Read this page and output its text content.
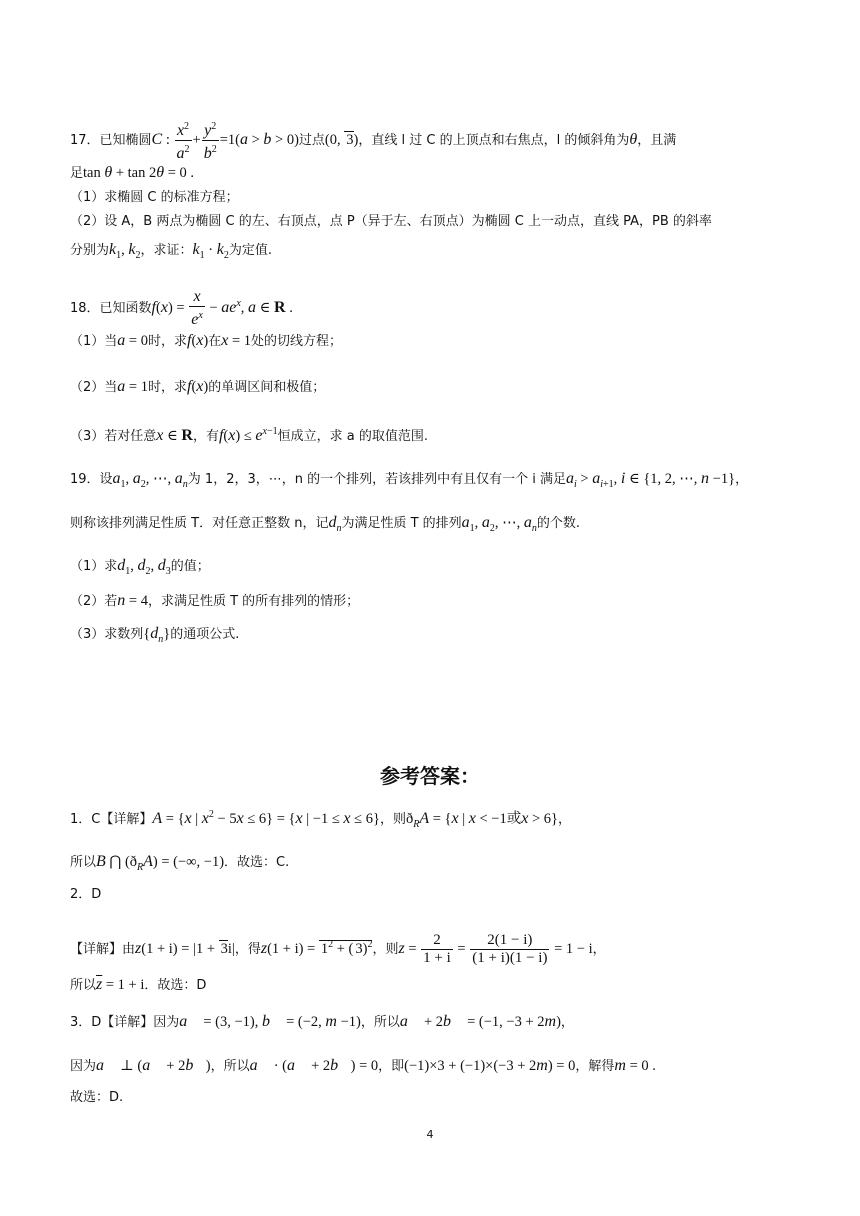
17．已知椭圆C : $\frac{x^2}{a^2} + \frac{y^2}{b^2} =1(a > b > 0)$过点(0, 3)，直线 l 过 C 的上顶点和右焦点，l 的倾斜角为θ，且满
足tan θ + tan 2θ = 0 .
（1）求椭圆 C 的标准方程；
（2）设 A，B 两点为椭圆 C 的左、右顶点，点 P（异于左、右顶点）为椭圆 C 上一动点，直线 PA，PB 的斜率
分别为$k_1$, $k_2$，求证：$k_1 \cdot k_2$为定值.
18．已知函数$f(x) = \frac{x}{e^x} - ae^x$, a ∈ R .
（1）当a = 0时，求f(x)在x = 1处的切线方程；
（2）当a = 1时，求f(x)的单调区间和极值；
（3）若对任意x ∈ R，有$f(x) \le e^{x-1}$恒成立，求 a 的取值范围.
19．设$a_1$, $a_2$, ⋯, $a_n$为 1，2，3，⋯，n 的一个排列，若该排列中有且仅有一个 i 满足$a_i > a_{i+1}$, i ∈ {1, 2, ⋯, n −1}，
则称该排列满足性质 T．对任意正整数 n，记$d_n$为满足性质 T 的排列$a_1$, $a_2$, ⋯, $a_n$的个数.
（1）求$d_1$, $d_2$, $d_3$的值；
（2）若n = 4，求满足性质 T 的所有排列的情形；
（3）求数列$\{d_n\}$的通项公式.
参考答案：
1．C【详解】A = {x | $x^2 - 5x \le 6\} = \{x$ | −1 ≤ x ≤ 6}，则$ð_RA = \{x$ | x < −1或x > 6}，
所以B ⋂ $(ð_RA)$ = (−∞, −1)．故选：C.
2．D
【详解】由z(1 + i) = |1 + 3i|，得$z(1 + i) = 1^2$ + ( 3)$^2$，则$z = \frac{2}{1 + i} = \frac{2(1 - i)}{(1 + i)(1 - i)} = 1 - i$，
所以$\overline{z} = 1 + i$．故选：D
3．D【详解】因为a⃗ = (3, −1), b⃗ = (−2, m −1)，所以a⃗ + 2b⃗ = (−1, −3 + 2m)，
因为a⃗ ⊥ (a⃗ + 2b⃗)，所以a⃗ · (a⃗ + 2b⃗) = 0，即(−1)×3 + (−1)×(−3 + 2m) = 0，解得m = 0 .
故选：D.
4
